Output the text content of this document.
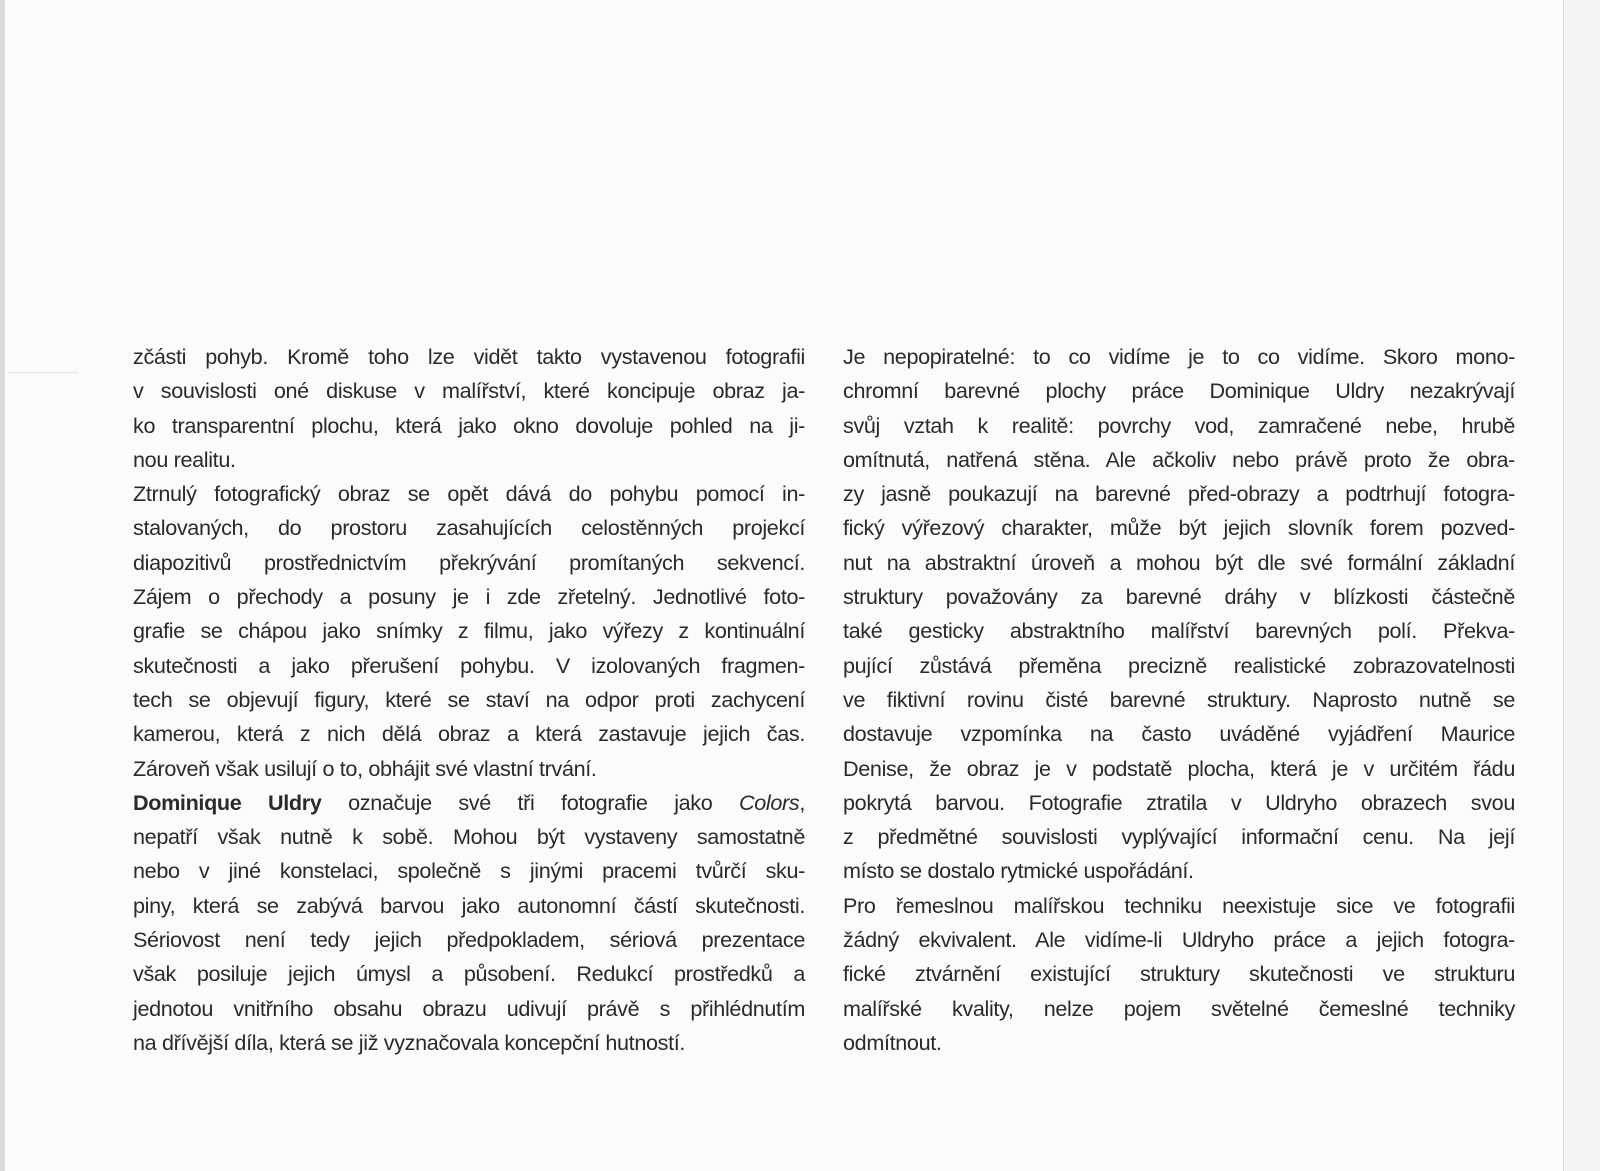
zčásti pohyb. Kromě toho lze vidět takto vystavenou fotografii
v souvislosti oné diskuse v malířství, které koncipuje obraz ja-
ko transparentní plochu, která jako okno dovoluje pohled na ji-
nou realitu.
Ztrnulý fotografický obraz se opět dává do pohybu pomocí in-
stalovaných, do prostoru zasahujících celostěnných projekcí
diapozitivů prostřednictvím překrývání promítaných sekvencí.
Zájem o přechody a posuny je i zde zřetelný. Jednotlivé foto-
grafie se chápou jako snímky z filmu, jako výřezy z kontinuální
skutečnosti a jako přerušení pohybu. V izolovaných fragmen-
tech se objevují figury, které se staví na odpor proti zachycení
kamerou, která z nich dělá obraz a která zastavuje jejich čas.
Zároveň však usilují o to, obhájit své vlastní trvání.
Dominique Uldry označuje své tři fotografie jako Colors,
nepatří však nutně k sobě. Mohou být vystaveny samostatně
nebo v jiné konstelaci, společně s jinými pracemi tvůrčí sku-
piny, která se zabývá barvou jako autonomní částí skutečnosti.
Sériovost není tedy jejich předpokladem, sériová prezentace
však posiluje jejich úmysl a působení. Redukcí prostředků a
jednotou vnitřního obsahu obrazu udivují právě s přihlédnutím
na dřívější díla, která se již vyznačovala koncepční hutností.
Je nepopiratelné: to co vidíme je to co vidíme. Skoro mono-
chromní barevné plochy práce Dominique Uldry nezakrývají
svůj vztah k realitě: povrchy vod, zamračené nebe, hrubě
omítnutá, natřená stěna. Ale ačkoliv nebo právě proto že obra-
zy jasně poukazují na barevné před-obrazy a podtrhují fotogra-
fický výřezový charakter, může být jejich slovník forem pozved-
nut na abstraktní úroveň a mohou být dle své formální základní
struktury považovány za barevné dráhy v blízkosti částečně
také gesticky abstraktního malířství barevných polí. Překva-
pující zůstává přeměna precizně realistické zobrazovatelnosti
ve fiktivní rovinu čisté barevné struktury. Naprosto nutně se
dostavuje vzpomínka na často uváděné vyjádření Maurice
Denise, že obraz je v podstatě plocha, která je v určitém řádu
pokrytá barvou. Fotografie ztratila v Uldryho obrazech svou
z předmětné souvislosti vyplývající informační cenu. Na její
místo se dostalo rytmické uspořádání.
Pro řemeslnou malířskou techniku neexistuje sice ve fotografii
žádný ekvivalent. Ale vidíme-li Uldryho práce a jejich fotogra-
fické ztvárnění existující struktury skutečnosti ve strukturu
malířské kvality, nelze pojem světelné čemeslné techniky
odmítnout.
